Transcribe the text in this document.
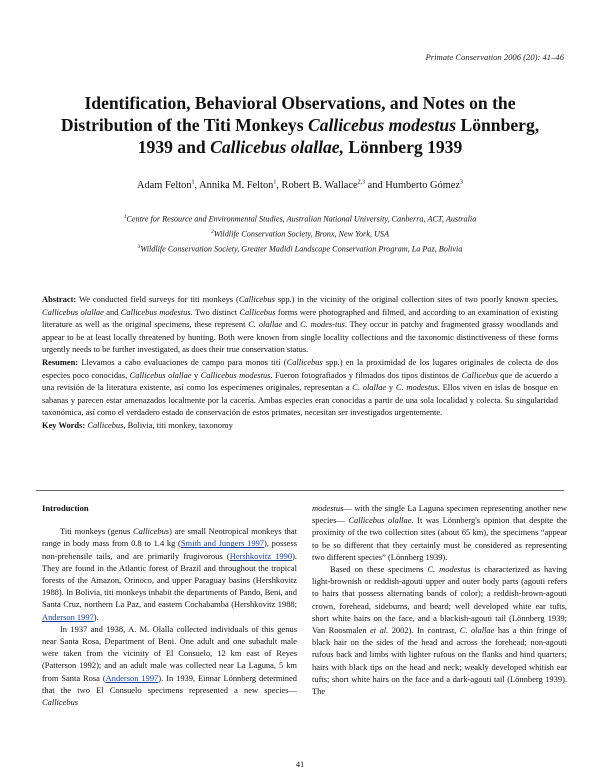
Primate Conservation 2006 (20): 41–46
Identification, Behavioral Observations, and Notes on the
Distribution of the Titi Monkeys Callicebus modestus Lönnberg,
1939 and Callicebus olallae, Lönnberg 1939
Adam Felton$^1$, Annika M. Felton$^1$, Robert B. Wallace$^{2,3}$ and Humberto Gómez$^3$
$^1$Centre for Resource and Environmental Studies, Australian National University, Canberra, ACT, Australia
$^2$Wildlife Conservation Society, Bronx, New York, USA
$^3$Wildlife Conservation Society, Greater Madidi Landscape Conservation Program, La Paz, Bolivia

Abstract: We conducted field surveys for titi monkeys (Callicebus spp.) in the vicinity of the original collection sites of two poorly known species, Callicebus olallae and Callicebus modestus. Two distinct Callicebus forms were photographed and filmed, and according to an examination of existing literature as well as the original specimens, these represent C. olallae and C. modes-tus. They occur in patchy and fragmented grassy woodlands and appear to be at least locally threatened by hunting. Both were known from single locality collections and the taxonomic distinctiveness of these forms urgently needs to be further investigated, as does their true conservation status.

Resumen: Llevamos a cabo evaluaciones de campo para monos tití (Callicebus spp.) en la proximidad de los lugares originales de colecta de dos especies poco conocidas, Callicebus olallae y Callicebus modestus. Fueron fotografiados y filmados dos tipos distintos de Callicebus que de acuerdo a una revisión de la literatura existente, así como los especímenes originales, representan a C. olallae y C. modestus. Ellos viven en islas de bosque en sabanas y parecen estar amenazados localmente por la cacería. Ambas especies eran conocidas a partir de una sola localidad y colecta. Su singularidad taxonómica, así como el verdadero estado de conservación de estos primates, necesitan ser investigados urgentemente.

Key Words: Callicebus, Bolivia, titi monkey, taxonomy

Introduction

Titi monkeys (genus Callicebus) are small Neotropical monkeys that range in body mass from 0.8 to 1.4 kg (Smith and Jungers 1997), possess non-prehensile tails, and are primarily frugivorous (Hershkovitz 1990). They are found in the Atlantic forest of Brazil and throughout the tropical forests of the Amazon, Orinoco, and upper Paraguay basins (Hershkovitz 1988). In Bolivia, titi monkeys inhabit the departments of Pando, Beni, and Santa Cruz, northern La Paz, and eastern Cochabamba (Hershkovitz 1988; Anderson 1997).

In 1937 and 1938, A. M. Olalla collected individuals of this genus near Santa Rosa, Department of Beni. One adult and one subadult male were taken from the vicinity of El Consuelo, 12 km east of Reyes (Patterson 1992); and an adult male was collected near La Laguna, 5 km from Santa Rosa (Anderson 1997). In 1939, Einnar Lönnberg determined that the two El Consuelo specimens represented a new species— Callicebus

modestus— with the single La Laguna specimen representing another new species— Callicebus olallae. It was Lönnberg's opinion that despite the proximity of the two collection sites (about 65 km), the specimens “appear to be so different that they certainly must be considered as representing two different species” (Lönnberg 1939).

Based on these specimens C. modestus is characterized as having light-brownish or reddish-agouti upper and outer body parts (agouti refers to hairs that possess alternating bands of color); a reddish-brown-agouti crown, forehead, sideburns, and beard; well developed white ear tufts, short white hairs on the face, and a blackish-agouti tail (Lönnberg 1939; Van Roosmalen et al. 2002). In contrast, C. olallae has a thin fringe of black hair on the sides of the head and across the forehead; non-agouti rufous back and limbs with lighter rufous on the flanks and hind quarters; hairs with black tips on the head and neck; weakly developed whitish ear tufts; short white hairs on the face and a dark-agouti tail (Lönnberg 1939). The

41
